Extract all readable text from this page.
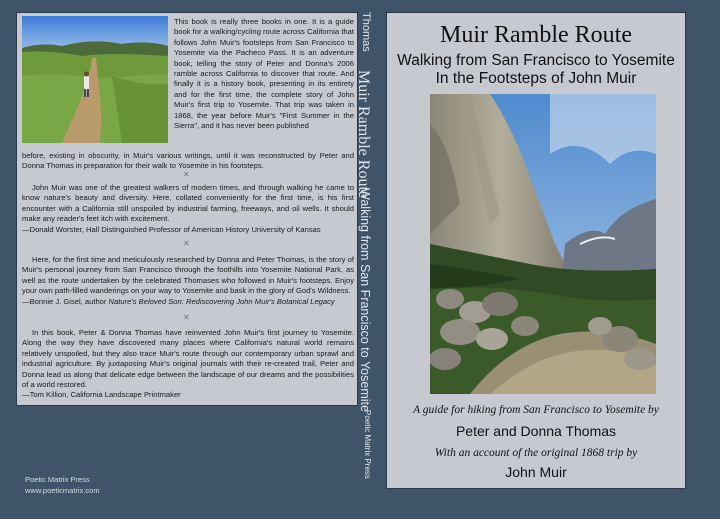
This book is really three books in one. It is a guide book for a walking/cycling route across California that follows John Muir's footsteps from San Francisco to Yosemite via the Pacheco Pass. It is an adventure book, telling the story of Peter and Donna's 2006 ramble across California to discover that route. And finally it is a history book, presenting in its entirety and for the first time, the complete story of John Muir's first trip to Yosemite. That trip was taken in 1868, the year before Muir's "First Summer in the Sierra", and it has never been published

before, existing in obscurity, in Muir's various writings, until it was reconstructed by Peter and Donna Thomas in preparation for their walk to Yosemite in his footsteps.

✕

John Muir was one of the greatest walkers of modern times, and through walking he came to know nature's beauty and diversity. Here, collated conveniently for the first time, is his first encounter with a California still unspoiled by industrial farming, freeways, and oil wells. It should make any reader's feet itch with excitement.
—Donald Worster, Hall Distinguished Professor of American History University of Kansas

✕

Here, for the first time and meticulously researched by Donna and Peter Thomas, is the story of Muir's personal journey from San Francisco through the foothills into Yosemite National Park, as well as the route undertaken by the celebrated Thomases who followed in Muir's footsteps. Enjoy your own path-filled wanderings on your way to Yosemite and bask in the glory of God's Wildness.
—Bonnie J. Gisel, author Nature's Beloved Son: Rediscovering John Muir's Botanical Legacy

✕

In this book, Peter & Donna Thomas have reinvented John Muir's first journey to Yosemite. Along the way they have discovered many places where California's natural world remains relatively unspoiled, but they also trace Muir's route through our contemporary urban sprawl and industrial agriculture. By juxtaposing Muir's original journals with their re-created trail, Peter and Donna lead us along that delicate edge between the landscape of our dreams and the possibilities of a world restored.
—Tom Killion, California Landscape Printmaker

Poetic Matrix Press
www.poeticmatrix.com
Thomas
Muir Ramble Route
Walking from San Francisco to Yosemite
Poetic Matrix Press
Muir Ramble Route
Walking from San Francisco to Yosemite
In the Footsteps of John Muir
A guide for hiking from San Francisco to Yosemite by
Peter and Donna Thomas
With an account of the original 1868 trip by
John Muir
